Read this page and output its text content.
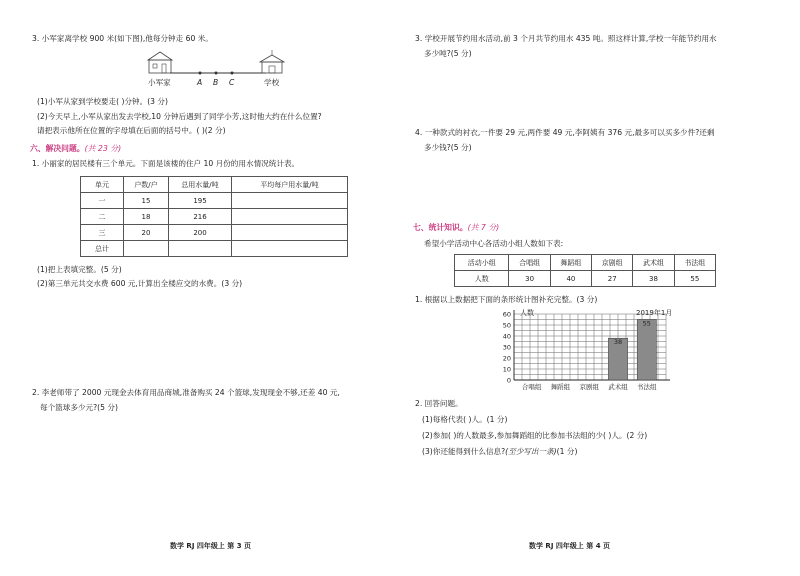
3. 小军家离学校 900 米(如下图),他每分钟走 60 米。
小军家	A B C	学校
(1)小军从家到学校要走( )分钟。(3 分)
(2)今天早上,小军从家出发去学校,10 分钟后遇到了同学小芳,这时他大约在什么位置?
请把表示他所在位置的字母填在后面的括号中。( )(2 分)
六、解决问题。(共 23 分)
1. 小丽家的居民楼有三个单元。下面是该楼的住户 10 月份的用水情况统计表。
单元	户数/户	总用水量/吨	平均每户用水量/吨
一	15	195	
二	18	216	
三	20	200	
总计			
(1)把上表填完整。(5 分)
(2)第三单元共交水费 600 元,计算出全楼应交的水费。(3 分)
2. 李老师带了 2000 元现金去体育用品商城,准备购买 24 个篮球,发现现金不够,还差 40 元,
每个篮球多少元?(5 分)
数学 RJ 四年级上 第 3 页
3. 学校开展节约用水活动,前 3 个月共节约用水 435 吨。照这样计算,学校一年能节约用水
多少吨?(5 分)
4. 一种款式的衬衣,一件要 29 元,两件要 49 元,李阿姨有 376 元,最多可以买多少件?还剩
多少钱?(5 分)
七、统计知识。(共 7 分)
希望小学活动中心各活动小组人数如下表:
活动小组	合唱组	舞蹈组	京剧组	武术组	书法组
人数	30	40	27	38	55
1. 根据以上数据把下面的条形统计图补充完整。(3 分)
2019年1月
人数
0
10
20
30
40
50
60
合唱组 舞蹈组 京剧组 武术组
38
书法组
55
2. 回答问题。
(1)每格代表( )人。(1 分)
(2)参加( )的人数最多,参加舞蹈组的比参加书法组的少( )人。(2 分)
(3)你还能得到什么信息?(至少写出一条)(1 分)
数学 RJ 四年级上 第 4 页
